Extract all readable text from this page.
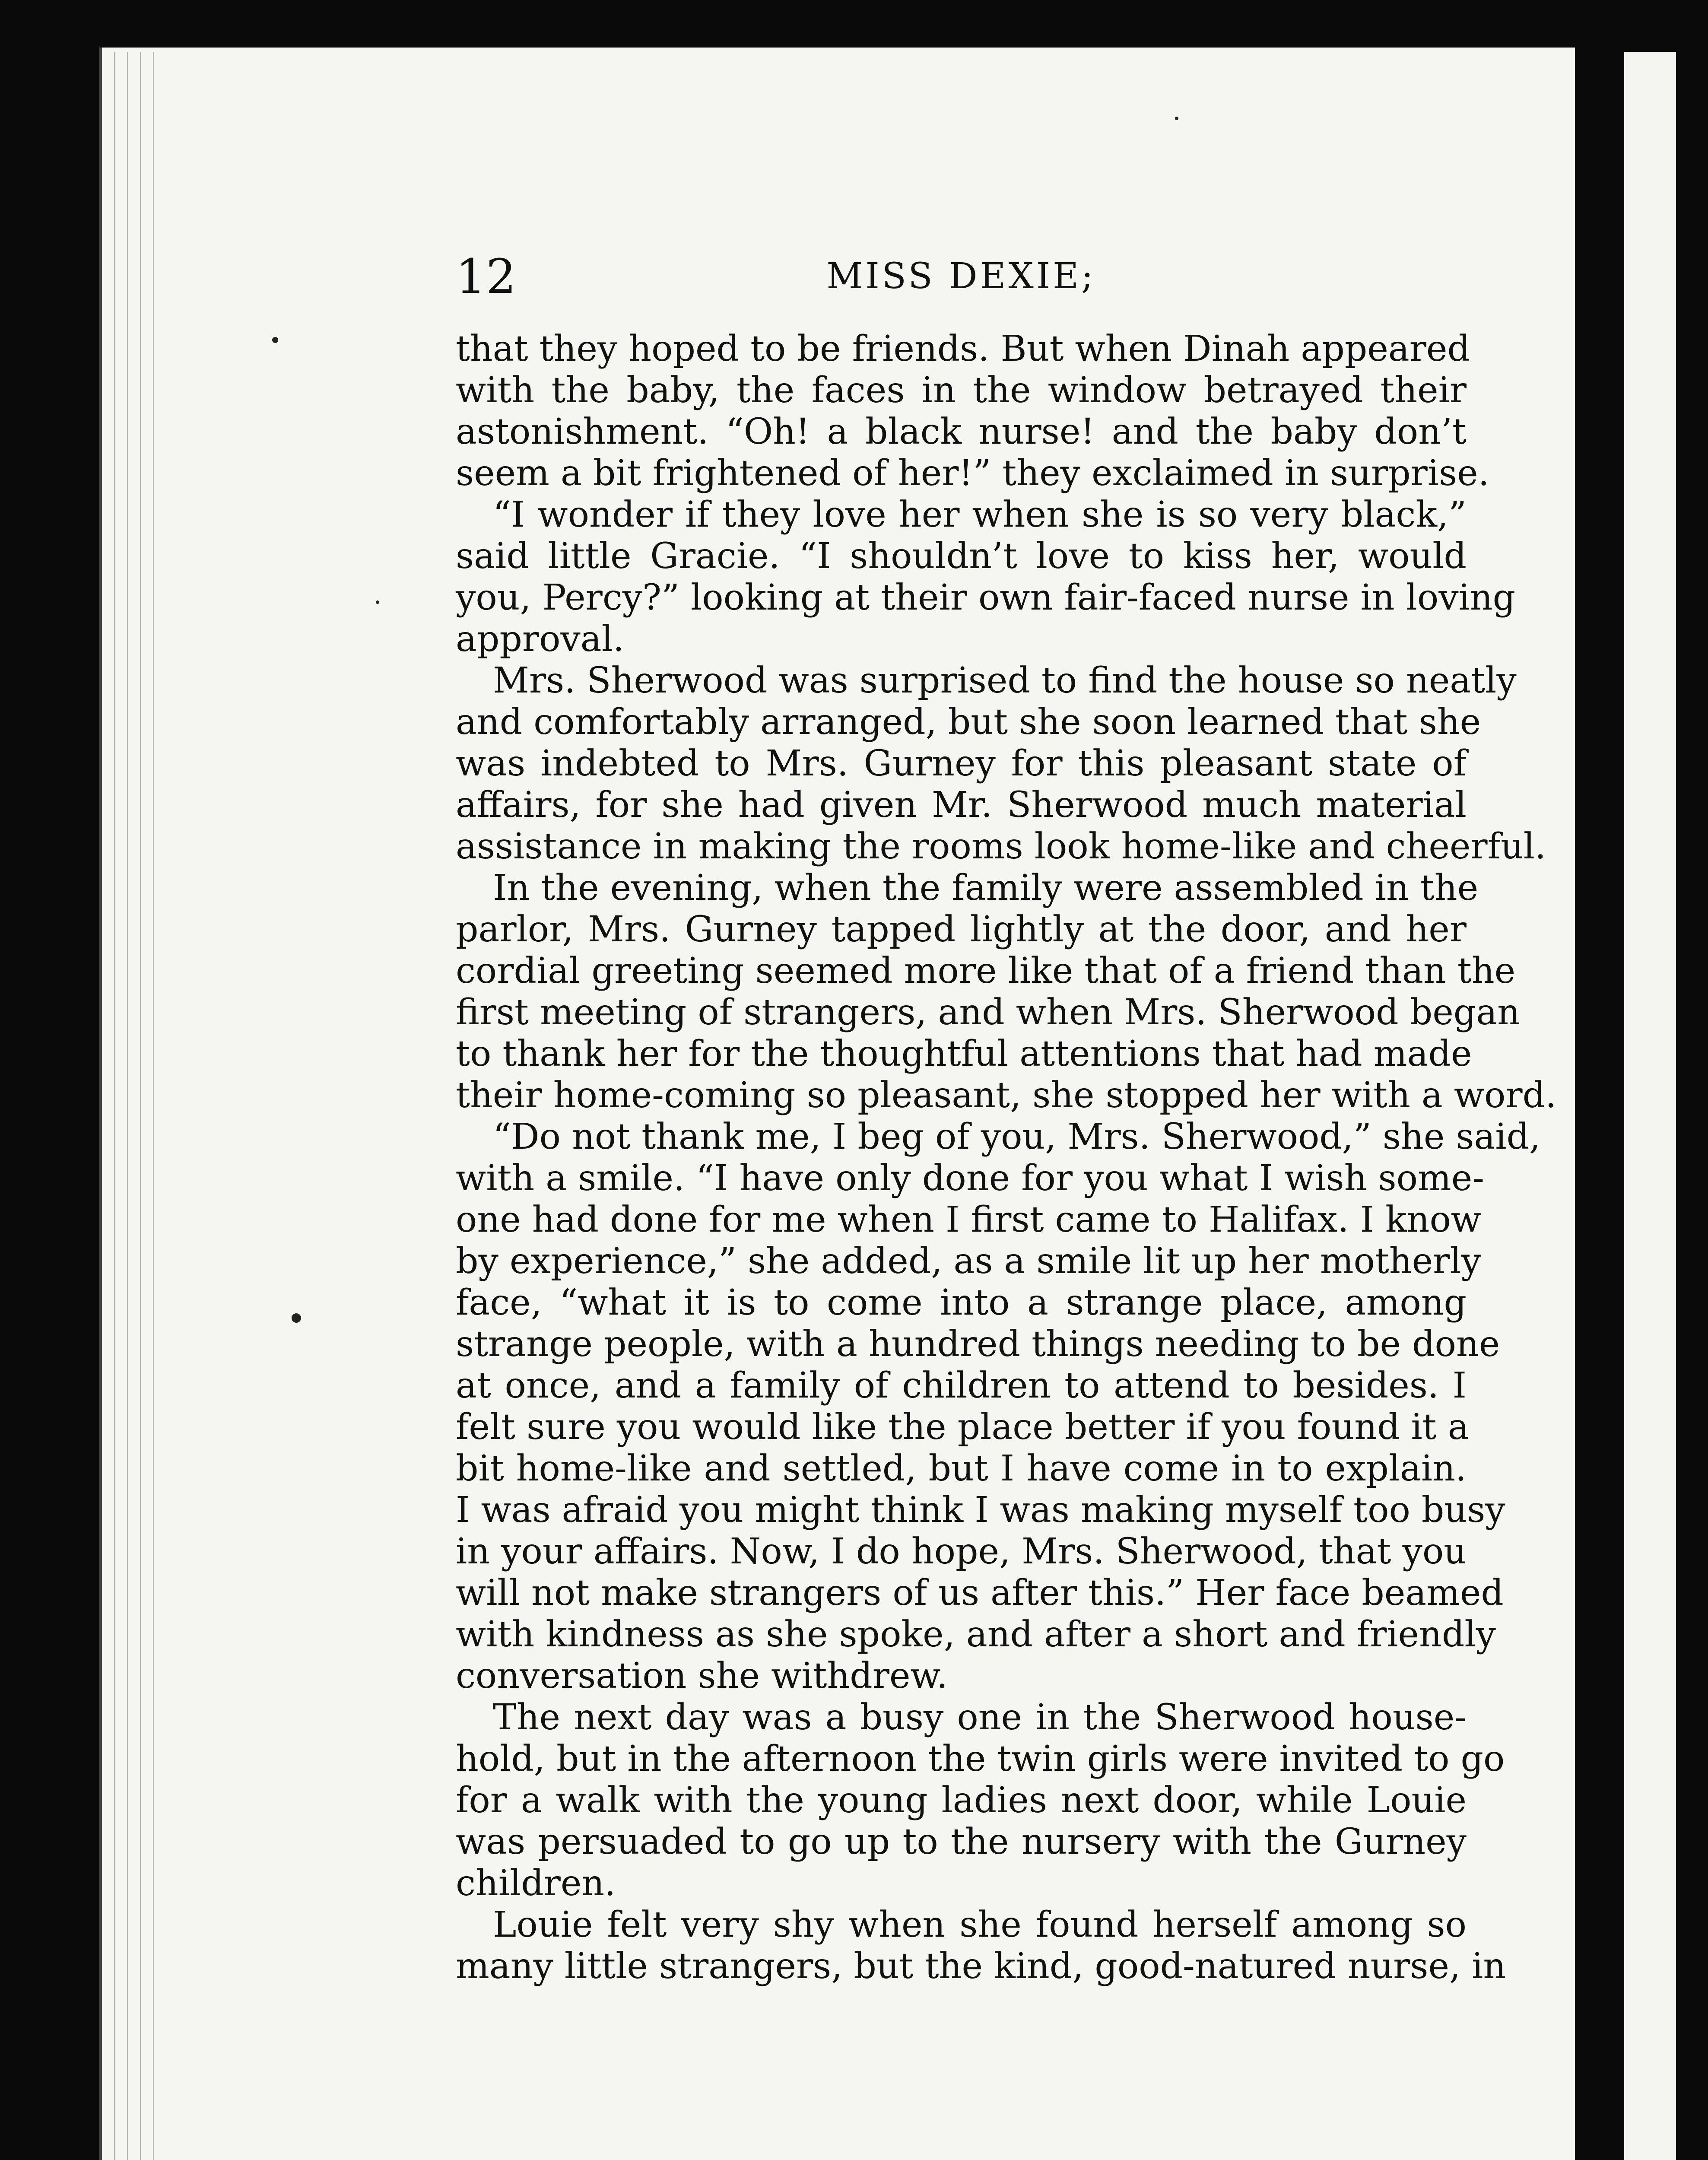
12	MISS DEXIE;
that they hoped to be friends. But when Dinah appeared
with the baby, the faces in the window betrayed their
astonishment. “Oh! a black nurse! and the baby don’t
seem a bit frightened of her!” they exclaimed in surprise.
“I wonder if they love her when she is so very black,”
said little Gracie. “I shouldn’t love to kiss her, would
you, Percy?” looking at their own fair-faced nurse in loving
approval.
Mrs. Sherwood was surprised to find the house so neatly
and comfortably arranged, but she soon learned that she
was indebted to Mrs. Gurney for this pleasant state of
affairs, for she had given Mr. Sherwood much material
assistance in making the rooms look home-like and cheerful.
In the evening, when the family were assembled in the
parlor, Mrs. Gurney tapped lightly at the door, and her
cordial greeting seemed more like that of a friend than the
first meeting of strangers, and when Mrs. Sherwood began
to thank her for the thoughtful attentions that had made
their home-coming so pleasant, she stopped her with a word.
“Do not thank me, I beg of you, Mrs. Sherwood,” she said,
with a smile. “I have only done for you what I wish some-
one had done for me when I first came to Halifax. I know
by experience,” she added, as a smile lit up her motherly
face, “what it is to come into a strange place, among
strange people, with a hundred things needing to be done
at once, and a family of children to attend to besides. I
felt sure you would like the place better if you found it a
bit home-like and settled, but I have come in to explain.
I was afraid you might think I was making myself too busy
in your affairs. Now, I do hope, Mrs. Sherwood, that you
will not make strangers of us after this.” Her face beamed
with kindness as she spoke, and after a short and friendly
conversation she withdrew.
The next day was a busy one in the Sherwood house-
hold, but in the afternoon the twin girls were invited to go
for a walk with the young ladies next door, while Louie
was persuaded to go up to the nursery with the Gurney
children.
Louie felt very shy when she found herself among so
many little strangers, but the kind, good-natured nurse, in
